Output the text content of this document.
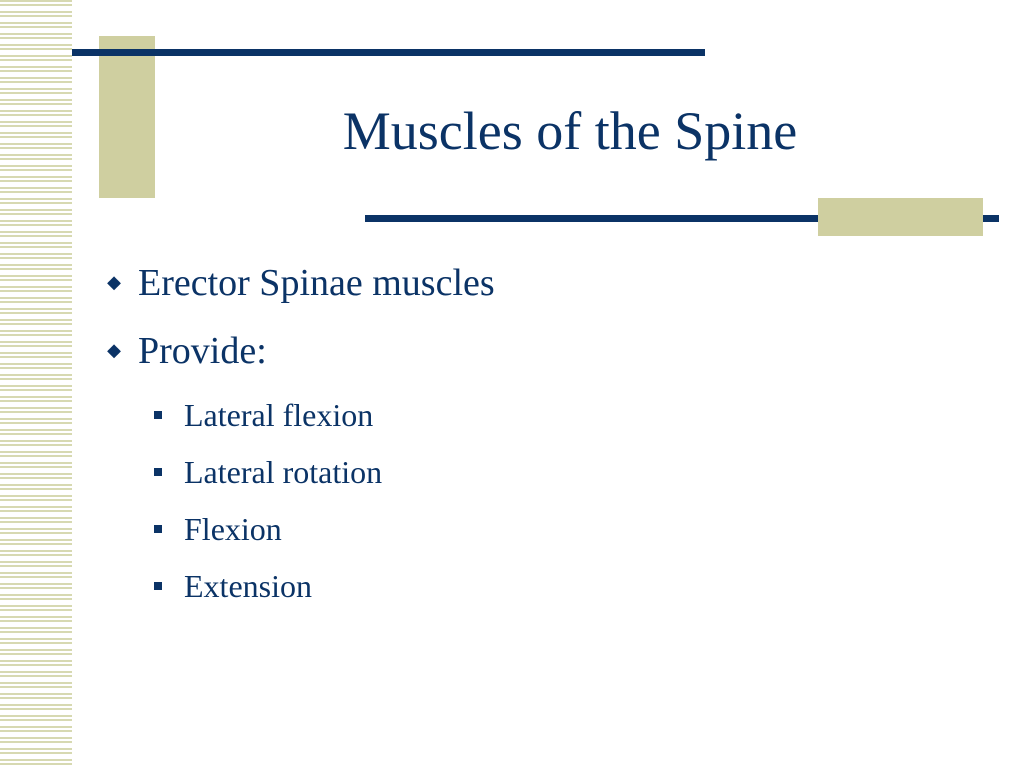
Muscles of the Spine
◆ Erector Spinae muscles
◆ Provide:
Lateral flexion
Lateral rotation
Flexion
Extension
